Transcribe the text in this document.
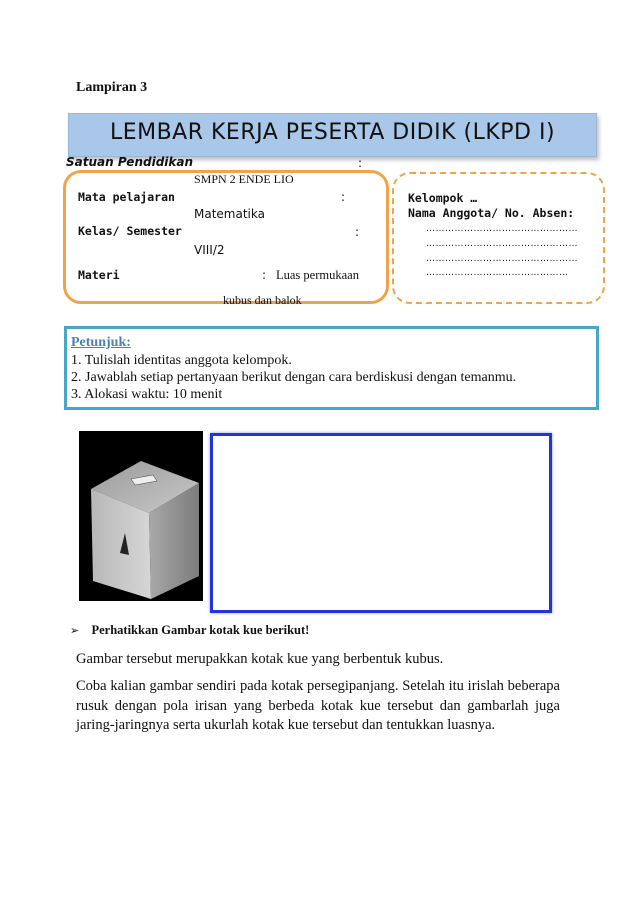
Lampiran 3
LEMBAR KERJA PESERTA DIDIK (LKPD I)
Satuan Pendidikan	:
SMPN 2 ENDE LIO
Mata pelajaran	:
Matematika
Kelas/ Semester	:
VIII/2
Materi	: Luas permukaan
kubus dan balok
Kelompok …
Nama Anggota/ No. Absen:
…………………………………………
…………………………………………
…………………………………………
………………………………………
Petunjuk:
1. Tulislah identitas anggota kelompok.
2. Jawablah setiap pertanyaan berikut dengan cara berdiskusi dengan temanmu.
3. Alokasi waktu: 10 menit
➢ Perhatikkan Gambar kotak kue berikut!
Gambar tersebut merupakkan kotak kue yang berbentuk kubus.
Coba kalian gambar sendiri pada kotak persegipanjang. Setelah itu irislah beberapa rusuk dengan pola irisan yang berbeda kotak kue tersebut dan gambarlah juga jaring-jaringnya serta ukurlah kotak kue tersebut dan tentukkan luasnya.
